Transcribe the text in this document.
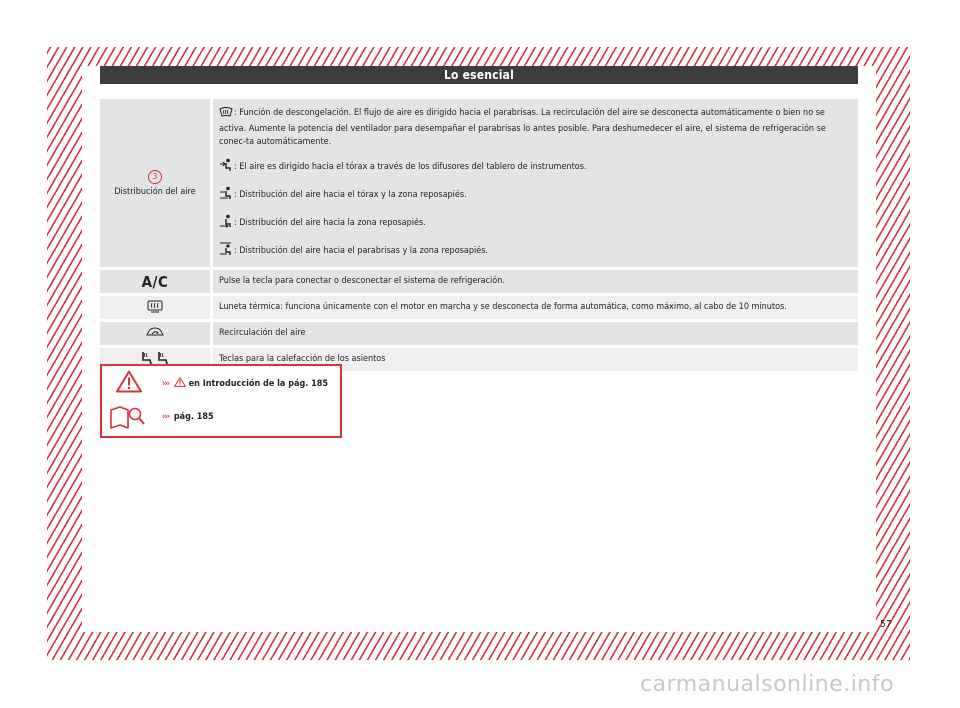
Lo esencial
3
Distribución del aire

: Función de descongelación. El flujo de aire es dirigido hacia el parabrisas. La recirculación del aire se desconecta automáticamente o bien no se activa. Aumente la potencia del ventilador para desempañar el parabrisas lo antes posible. Para deshumedecer el aire, el sistema de refrigeración se conec-ta automáticamente.

: El aire es dirigido hacia el tórax a través de los difusores del tablero de instrumentos.

: Distribución del aire hacia el tórax y la zona reposapiés.

: Distribución del aire hacia la zona reposapiés.

: Distribución del aire hacia el parabrisas y la zona reposapiés.

A/C	Pulse la tecla para conectar o desconectar el sistema de refrigeración.
Luneta térmica: funciona únicamente con el motor en marcha y se desconecta de forma automática, como máximo, al cabo de 10 minutos.
Recirculación del aire
Teclas para la calefacción de los asientos
››› en Introducción de la pág. 185
››› pág. 185
57
carmanualsonline.info
